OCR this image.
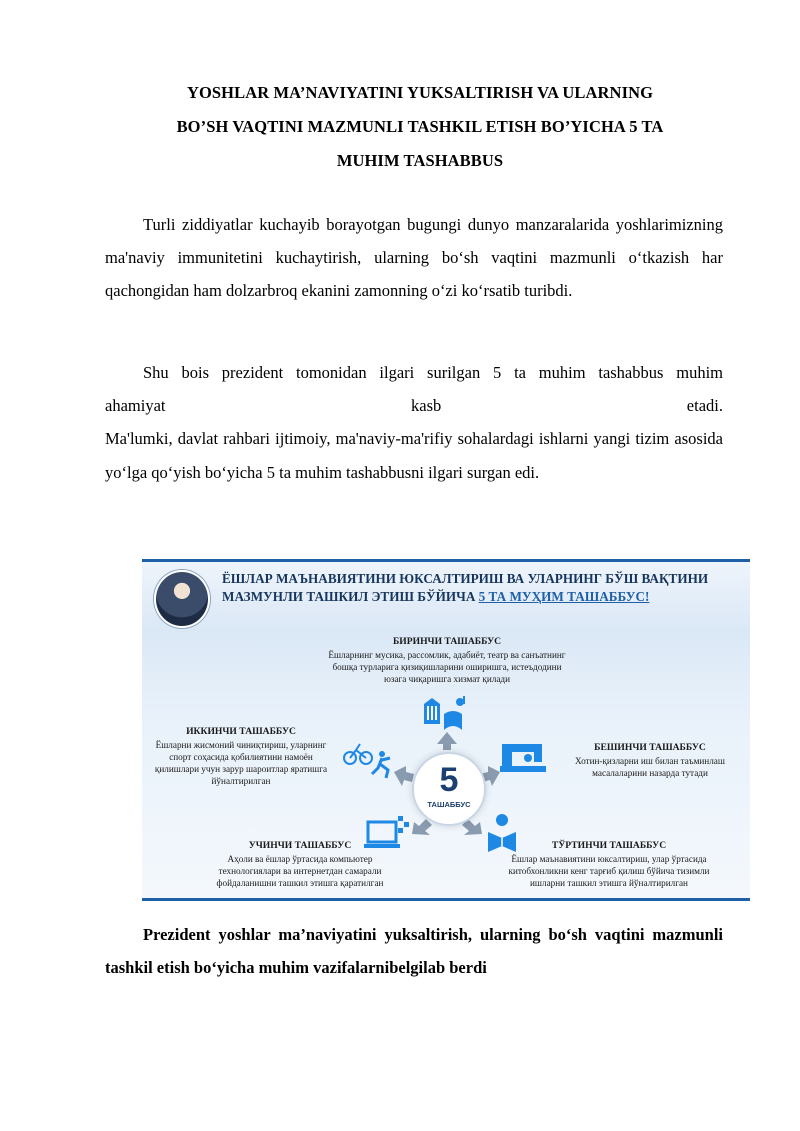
YOSHLAR MA’NAVIYATINI YUKSALTIRISH VA ULARNING
BO’SH VAQTINI MAZMUNLI TASHKIL ETISH BO’YICHA 5 TA
MUHIM TASHABBUS
Turli ziddiyatlar kuchayib borayotgan bugungi dunyo manzaralarida yoshlarimizning ma'naviy immunitetini kuchaytirish, ularning bo‘sh vaqtini mazmunli o‘tkazish har qachongidan ham dolzarbroq ekanini zamonning o‘zi ko‘rsatib turibdi.
Shu bois prezident tomonidan ilgari surilgan 5 ta muhim tashabbus muhim
ahamiyat	kasb	etadi.
Ma'lumki, davlat rahbari ijtimoiy, ma'naviy-ma'rifiy sohalardagi ishlarni yangi tizim asosida yo‘lga qo‘yish bo‘yicha 5 ta muhim tashabbusni ilgari surgan edi.
ЁШЛАР МАЪНАВИЯТИНИ ЮКСАЛТИРИШ ВА УЛАРНИНГ БЎШ ВАҚТИНИ
МАЗМУНЛИ ТАШКИЛ ЭТИШ БЎЙИЧА 5 ТА МУҲИМ ТАШАББУС!
БИРИНЧИ ТАШАББУС
Ёшларнинг мусика, рассомлик, адабиёт, театр ва санъатнинг бошқа турларига қизиқишларини оширишга, истеъдодини юзага чиқаришга хизмат қилади
ИККИНЧИ ТАШАББУС
Ёшларни жисмоний чиниқтириш, уларнинг спорт соҳасида қобилиятини намоён қилишлари учун зарур шароитлар яратишга йўналтирилган
БЕШИНЧИ ТАШАББУС
Хотин-қизларни иш билан таъминлаш масалаларини назарда тутади
УЧИНЧИ ТАШАББУС
Аҳоли ва ёшлар ўртасида компьютер технологиялари ва интернетдан самарали фойдаланишни ташкил этишга қаратилган
ТЎРТИНЧИ ТАШАББУС
Ёшлар маънавиятини юксалтириш, улар ўртасида китобхонликни кенг тарғиб қилиш бўйича тизимли ишларни ташкил этишга йўналтирилган
5
ТАШАББУС
Prezident yoshlar ma’naviyatini yuksaltirish, ularning bo‘sh vaqtini mazmunli tashkil etish bo‘yicha muhim vazifalarnibelgilab berdi
